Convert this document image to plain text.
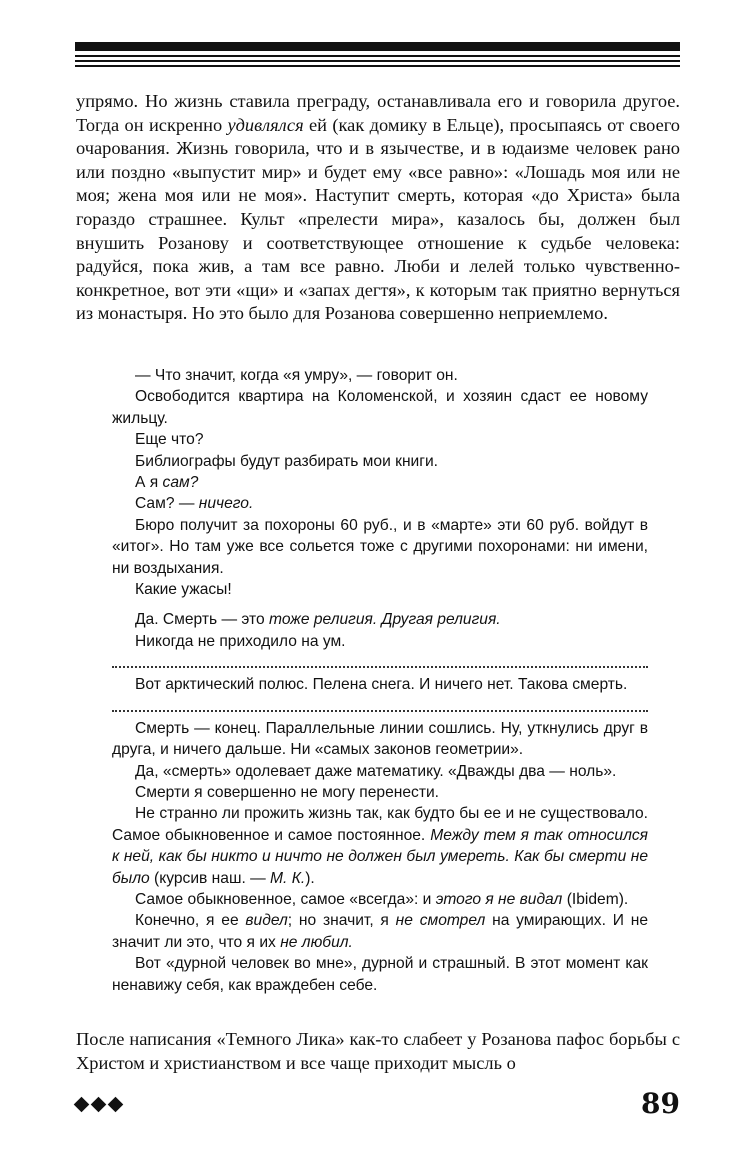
упрямо. Но жизнь ставила преграду, останавливала его и говорила другое. Тогда он искренно удивлялся ей (как домику в Ельце), просыпаясь от своего очарования. Жизнь говорила, что и в язычестве, и в юдаизме человек рано или поздно «выпустит мир» и будет ему «все равно»: «Лошадь моя или не моя; жена моя или не моя». Наступит смерть, которая «до Христа» была гораздо страшнее. Культ «прелести мира», казалось бы, должен был внушить Розанову и соответствующее отношение к судьбе человека: радуйся, пока жив, а там все равно. Люби и лелей только чувственно-конкретное, вот эти «щи» и «запах дегтя», к которым так приятно вернуться из монастыря. Но это было для Розанова совершенно неприемлемо.

— Что значит, когда «я умру», — говорит он.

Освободится квартира на Коломенской, и хозяин сдаст ее новому жильцу.

Еще что?

Библиографы будут разбирать мои книги.

А я сам?

Сам? — ничего.

Бюро получит за похороны 60 руб., и в «марте» эти 60 руб. войдут в «итог». Но там уже все сольется тоже с другими похоронами: ни имени, ни воздыхания.

Какие ужасы!

Да. Смерть — это тоже религия. Другая религия.

Никогда не приходило на ум.

Вот арктический полюс. Пелена снега. И ничего нет. Такова смерть.

Смерть — конец. Параллельные линии сошлись. Ну, уткнулись друг в друга, и ничего дальше. Ни «самых законов геометрии».

Да, «смерть» одолевает даже математику. «Дважды два — ноль».

Смерти я совершенно не могу перенести.

Не странно ли прожить жизнь так, как будто бы ее и не существовало. Самое обыкновенное и самое постоянное. Между тем я так относился к ней, как бы никто и ничто не должен был умереть. Как бы смерти не было (курсив наш. — М. К.).

Самое обыкновенное, самое «всегда»: и этого я не видал (Ibidem).

Конечно, я ее видел; но значит, я не смотрел на умирающих. И не значит ли это, что я их не любил.

Вот «дурной человек во мне», дурной и страшный. В этот момент как ненавижу себя, как враждебен себе.

После написания «Темного Лика» как-то слабеет у Розанова пафос борьбы с Христом и христианством и все чаще приходит мысль о

89
